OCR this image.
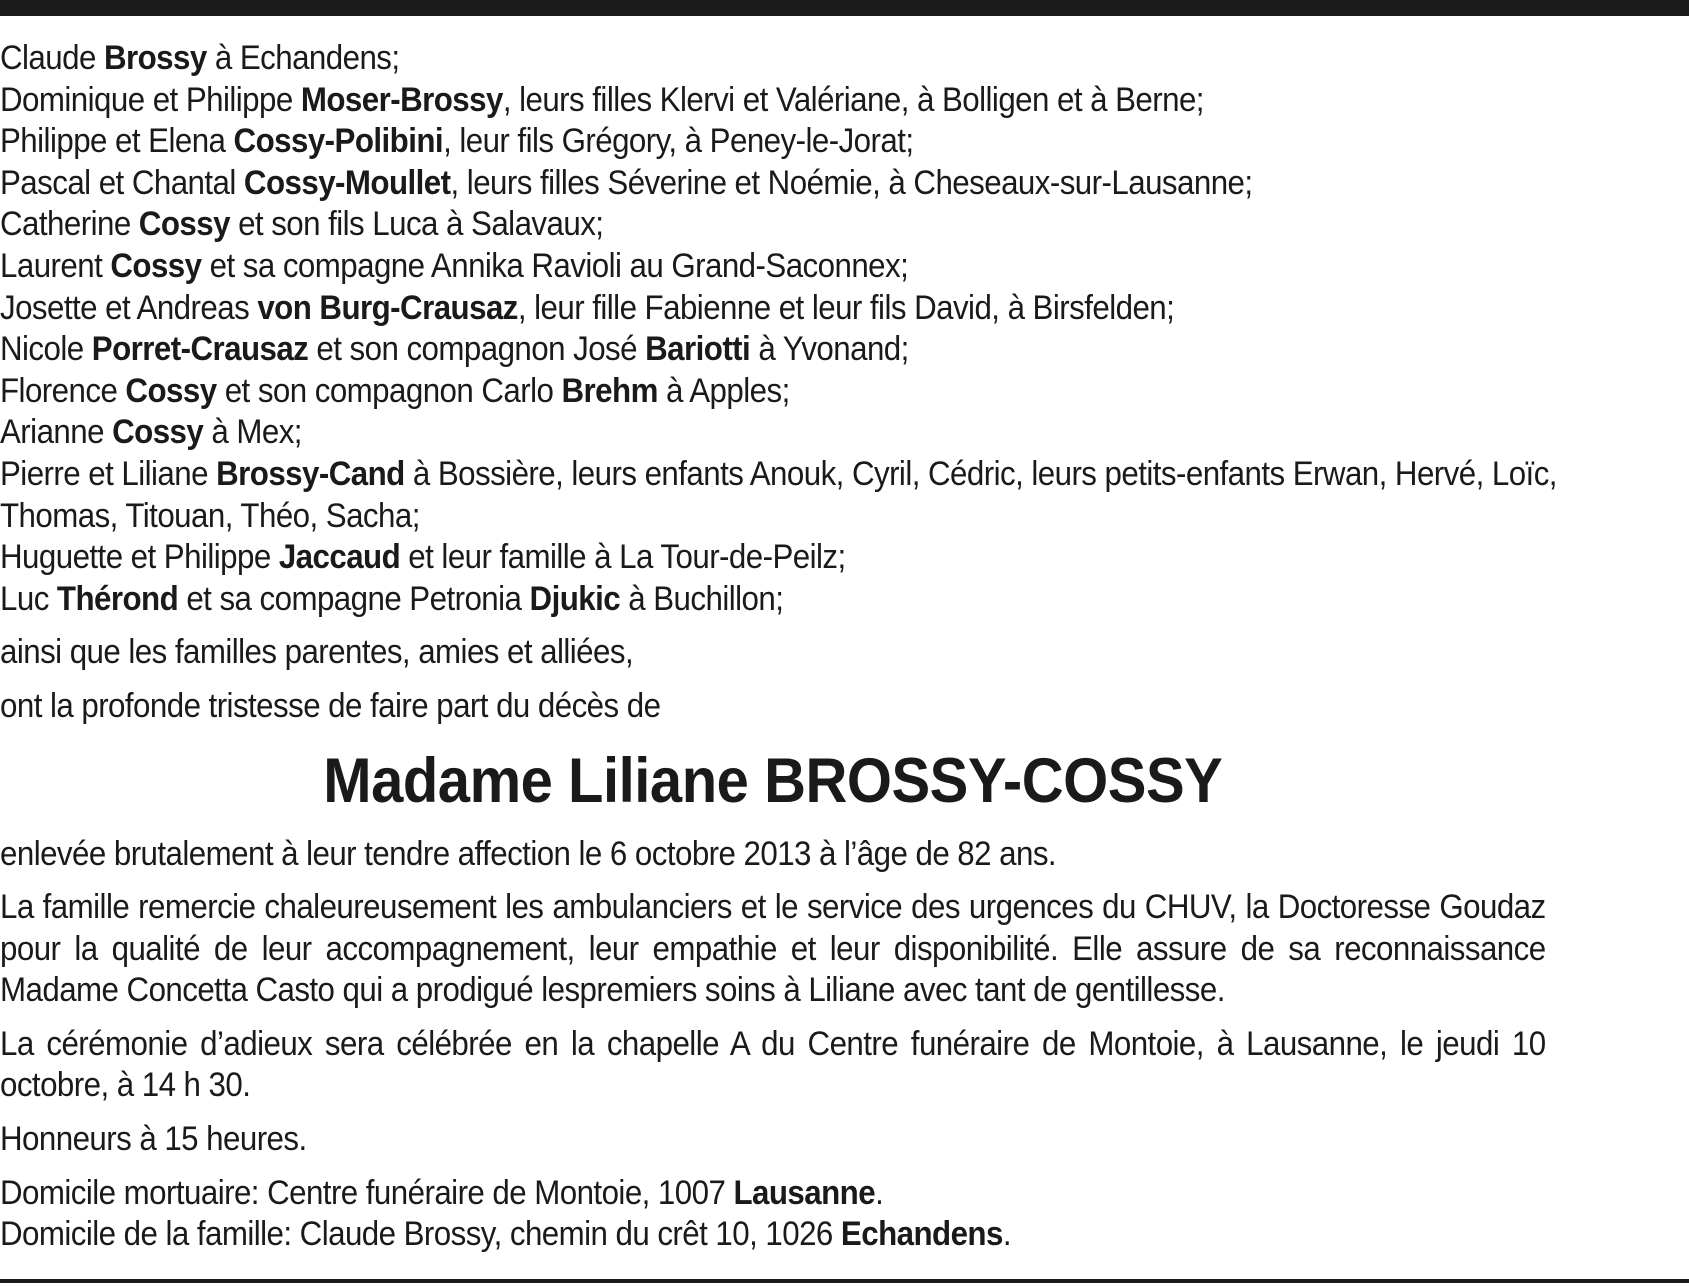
Claude Brossy à Echandens;
Dominique et Philippe Moser-Brossy, leurs filles Klervi et Valériane, à Bolligen et à Berne;
Philippe et Elena Cossy-Polibini, leur fils Grégory, à Peney-le-Jorat;
Pascal et Chantal Cossy-Moullet, leurs filles Séverine et Noémie, à Cheseaux-sur-Lausanne;
Catherine Cossy et son fils Luca à Salavaux;
Laurent Cossy et sa compagne Annika Ravioli au Grand-Saconnex;
Josette et Andreas von Burg-Crausaz, leur fille Fabienne et leur fils David, à Birsfelden;
Nicole Porret-Crausaz et son compagnon José Bariotti à Yvonand;
Florence Cossy et son compagnon Carlo Brehm à Apples;
Arianne Cossy à Mex;
Pierre et Liliane Brossy-Cand à Bossière, leurs enfants Anouk, Cyril, Cédric, leurs petits-enfants Erwan, Hervé, Loïc,
Thomas, Titouan, Théo, Sacha;
Huguette et Philippe Jaccaud et leur famille à La Tour-de-Peilz;
Luc Thérond et sa compagne Petronia Djukic à Buchillon;
ainsi que les familles parentes, amies et alliées,
ont la profonde tristesse de faire part du décès de
Madame Liliane BROSSY-COSSY
enlevée brutalement à leur tendre affection le 6 octobre 2013 à l’âge de 82 ans.
La famille remercie chaleureusement les ambulanciers et le service des urgences du CHUV, la Doctoresse Goudaz pour la qualité de leur accompagnement, leur empathie et leur disponibilité. Elle assure de sa reconnaissance Madame Concetta Casto qui a prodigué lespremiers soins à Liliane avec tant de gentillesse.
La cérémonie d’adieux sera célébrée en la chapelle A du Centre funéraire de Montoie, à Lausanne, le jeudi 10 octobre, à 14 h 30.
Honneurs à 15 heures.
Domicile mortuaire: Centre funéraire de Montoie, 1007 Lausanne.
Domicile de la famille: Claude Brossy, chemin du crêt 10, 1026 Echandens.
